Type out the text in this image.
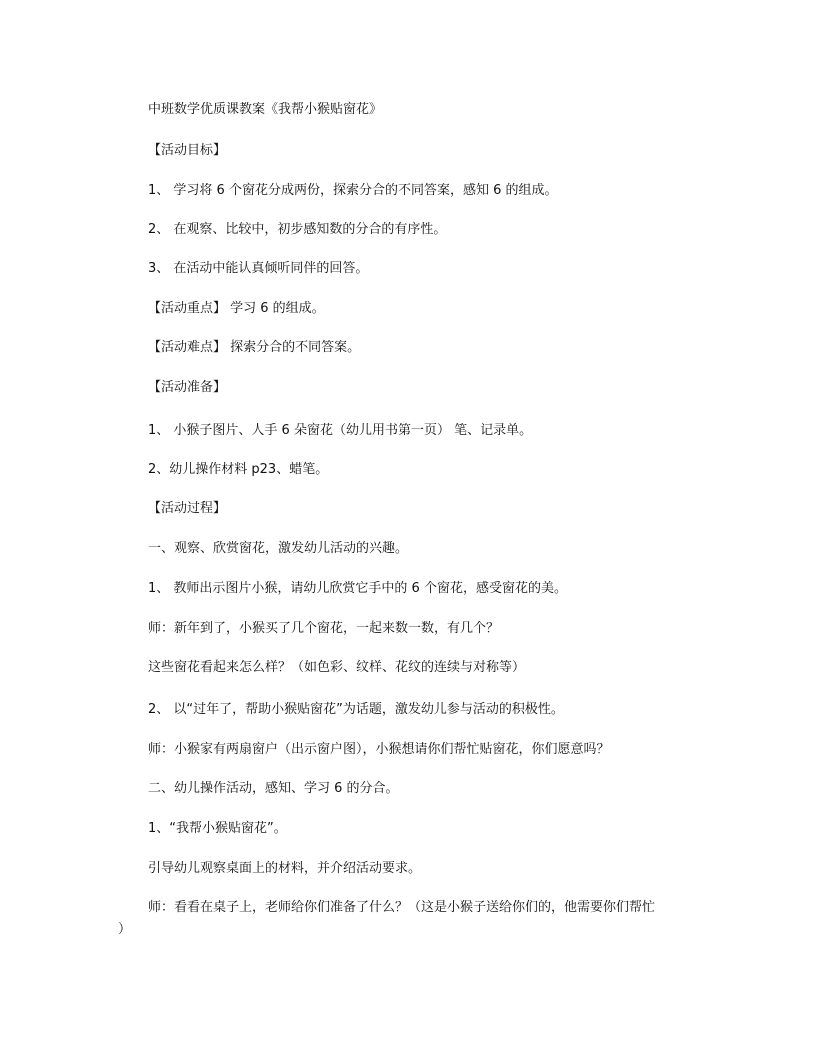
中班数学优质课教案《我帮小猴贴窗花》
【活动目标】
1、 学习将 6 个窗花分成两份，探索分合的不同答案，感知 6 的组成。
2、 在观察、比较中，初步感知数的分合的有序性。
3、 在活动中能认真倾听同伴的回答。
【活动重点】 学习 6 的组成。
【活动难点】 探索分合的不同答案。
【活动准备】
1、 小猴子图片、人手 6 朵窗花（幼儿用书第一页） 笔、记录单。
2、幼儿操作材料 p23、蜡笔。
【活动过程】
一、观察、欣赏窗花，激发幼儿活动的兴趣。
1、 教师出示图片小猴，请幼儿欣赏它手中的 6 个窗花，感受窗花的美。
师：新年到了，小猴买了几个窗花，一起来数一数，有几个？
这些窗花看起来怎么样？（如色彩、纹样、花纹的连续与对称等）
2、 以“过年了，帮助小猴贴窗花”为话题，激发幼儿参与活动的积极性。
师：小猴家有两扇窗户（出示窗户图），小猴想请你们帮忙贴窗花，你们愿意吗？
二、幼儿操作活动，感知、学习 6 的分合。
1、“我帮小猴贴窗花”。
引导幼儿观察桌面上的材料，并介绍活动要求。
师：看看在桌子上，老师给你们准备了什么？（这是小猴子送给你们的，他需要你们帮忙
）
